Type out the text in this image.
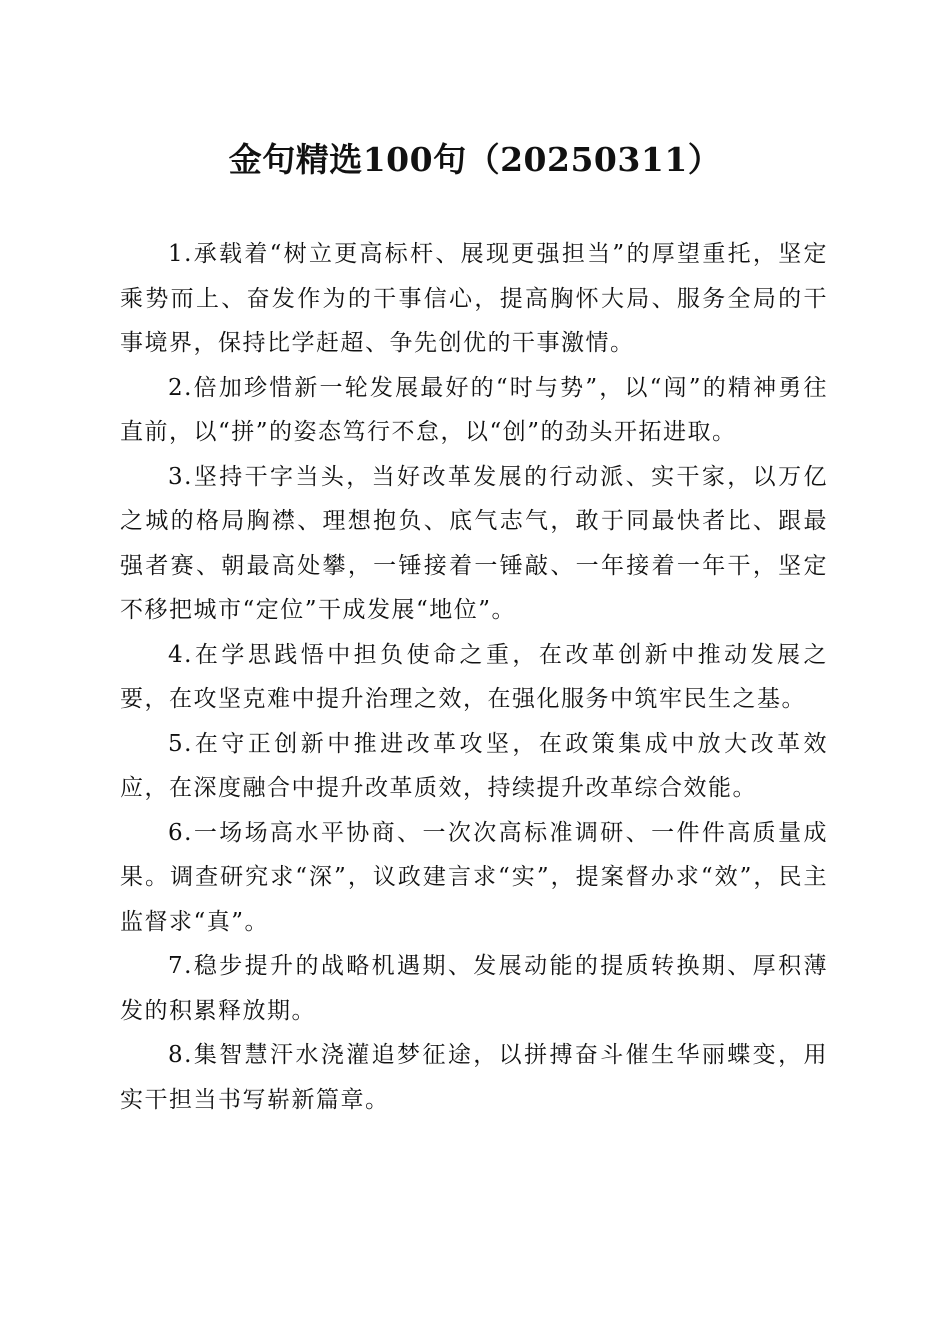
金句精选100句（20250311）

1.承载着“树立更高标杆、展现更强担当”的厚望重托，坚定乘势而上、奋发作为的干事信心，提高胸怀大局、服务全局的干事境界，保持比学赶超、争先创优的干事激情。

2.倍加珍惜新一轮发展最好的“时与势”，以“闯”的精神勇往直前，以“拼”的姿态笃行不怠，以“创”的劲头开拓进取。

3.坚持干字当头，当好改革发展的行动派、实干家，以万亿之城的格局胸襟、理想抱负、底气志气，敢于同最快者比、跟最强者赛、朝最高处攀，一锤接着一锤敲、一年接着一年干，坚定不移把城市“定位”干成发展“地位”。

4.在学思践悟中担负使命之重，在改革创新中推动发展之要，在攻坚克难中提升治理之效，在强化服务中筑牢民生之基。

5.在守正创新中推进改革攻坚，在政策集成中放大改革效应，在深度融合中提升改革质效，持续提升改革综合效能。

6.一场场高水平协商、一次次高标准调研、一件件高质量成果。调查研究求“深”，议政建言求“实”，提案督办求“效”，民主监督求“真”。

7.稳步提升的战略机遇期、发展动能的提质转换期、厚积薄发的积累释放期。

8.集智慧汗水浇灌追梦征途，以拼搏奋斗催生华丽蝶变，用实干担当书写崭新篇章。
